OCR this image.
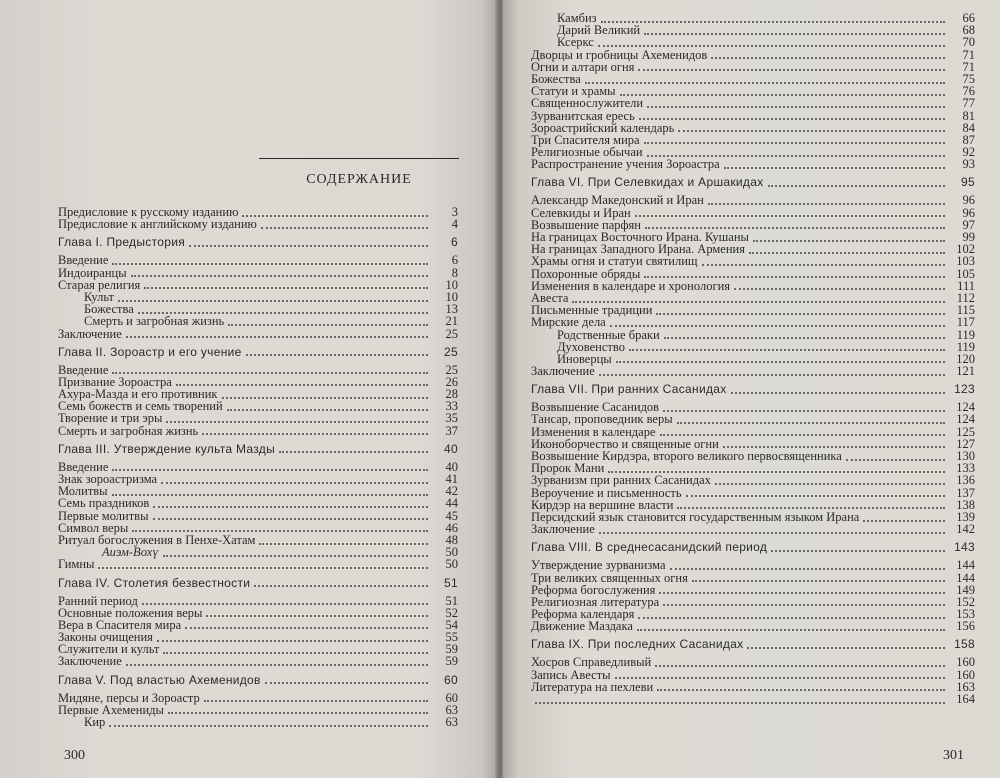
СОДЕРЖАНИЕ
Предисловие к русскому изданию	3
Предисловие к английскому изданию	4
Глава I. Предыстория	6
Введение	6
Индоиранцы	8
Старая религия	10
Культ	10
Божества	13
Смерть и загробная жизнь	21
Заключение	25
Глава II. Зороастр и его учение	25
Введение	25
Призвание Зороастра	26
Ахура-Мазда и его противник	28
Семь божеств и семь творений	33
Творение и три эры	35
Смерть и загробная жизнь	37
Глава III. Утверждение культа Мазды	40
Введение	40
Знак зороастризма	41
Молитвы	42
Семь праздников	44
Первые молитвы	45
Символ веры	46
Ритуал богослужения в Пенхе-Хатам	48
Аиэм-Вохү	50
Гимны	50
Глава IV. Столетия безвестности	51
Ранний период	51
Основные положения веры	52
Вера в Спасителя мира	54
Законы очищения	55
Служители и культ	59
Заключение	59
Глава V. Под властью Ахеменидов	60
Мидяне, персы и Зороастр	60
Первые Ахемениды	63
Кир	63
300
Камбиз	66
Дарий Великий	68
Ксеркс	70
Дворцы и гробницы Ахеменидов	71
Огни и алтари огня	71
Божества	75
Статуи и храмы	76
Священнослужители	77
Зурванитская ересь	81
Зороастрийский календарь	84
Три Спасителя мира	87
Религиозные обычаи	92
Распространение учения Зороастра	93
Глава VI. При Селевкидах и Аршакидах	95
Александр Македонский и Иран	96
Селевкиды и Иран	96
Возвышение парфян	97
На границах Восточного Ирана. Кушаны	99
На границах Западного Ирана. Армения	102
Храмы огня и статуи святилищ	103
Похоронные обряды	105
Изменения в календаре и хронология	111
Авеста	112
Письменные традиции	115
Мирские дела	117
Родственные браки	119
Духовенство	119
Иноверцы	120
Заключение	121
Глава VII. При ранних Сасанидах	123
Возвышение Сасанидов	124
Тансар, проповедник веры	124
Изменения в календаре	125
Иконоборчество и священные огни	127
Возвышение Кирдэра, второго великого первосвященника	130
Пророк Мани	133
Зурванизм при ранних Сасанидах	136
Вероучение и письменность	137
Кирдэр на вершине власти	138
Персидский язык становится государственным языком Ирана	139
Заключение	142
Глава VIII. В среднесасанидский период	143
Утверждение зурванизма	144
Три великих священных огня	144
Реформа богослужения	149
Религиозная литература	152
Реформа календаря	153
Движение Маздака	156
Глава IX. При последних Сасанидах	158
Хосров Справедливый	160
Запись Авесты	160
Литература на пехлеви	163
164
301
